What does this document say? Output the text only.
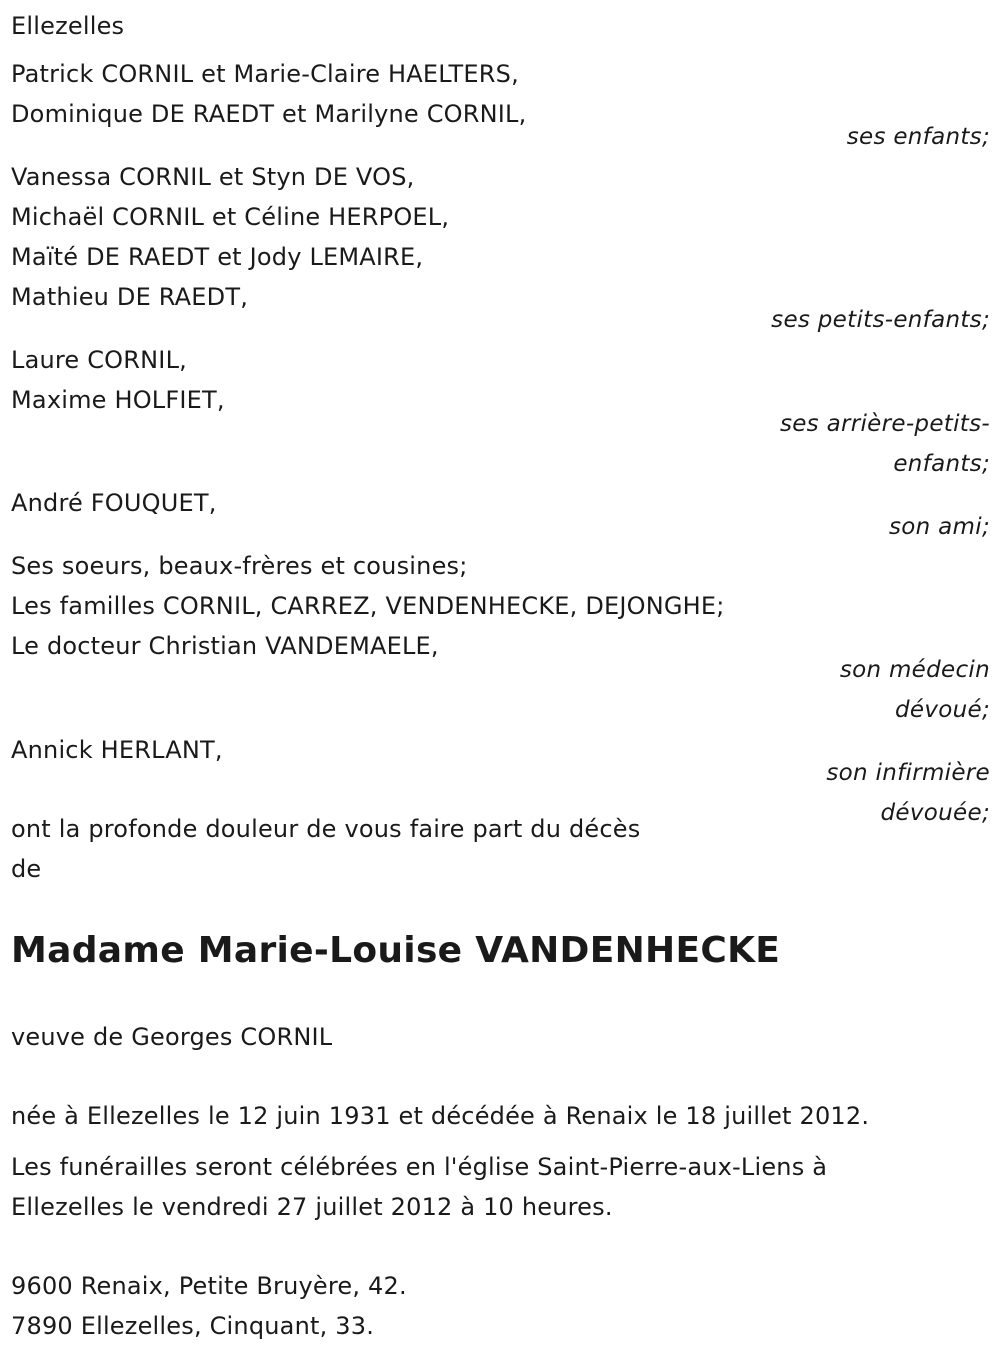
Ellezelles
Patrick CORNIL et Marie-Claire HAELTERS,
Dominique DE RAEDT et Marilyne CORNIL,
ses enfants;
Vanessa CORNIL et Styn DE VOS,
Michaël CORNIL et Céline HERPOEL,
Maïté DE RAEDT et Jody LEMAIRE,
Mathieu DE RAEDT,
ses petits-enfants;
Laure CORNIL,
Maxime HOLFIET,
ses arrière-petits-
enfants;
André FOUQUET,
son ami;
Ses soeurs, beaux-frères et cousines;
Les familles CORNIL, CARREZ, VENDENHECKE, DEJONGHE;
Le docteur Christian VANDEMAELE,
son médecin
dévoué;
Annick HERLANT,
son infirmière
dévouée;
ont la profonde douleur de vous faire part du décès
de
Madame Marie-Louise VANDENHECKE
veuve de Georges CORNIL
née à Ellezelles le 12 juin 1931 et décédée à Renaix le 18 juillet 2012.
Les funérailles seront célébrées en l'église Saint-Pierre-aux-Liens à
Ellezelles le vendredi 27 juillet 2012 à 10 heures.
9600 Renaix, Petite Bruyère, 42.
7890 Ellezelles, Cinquant, 33.
